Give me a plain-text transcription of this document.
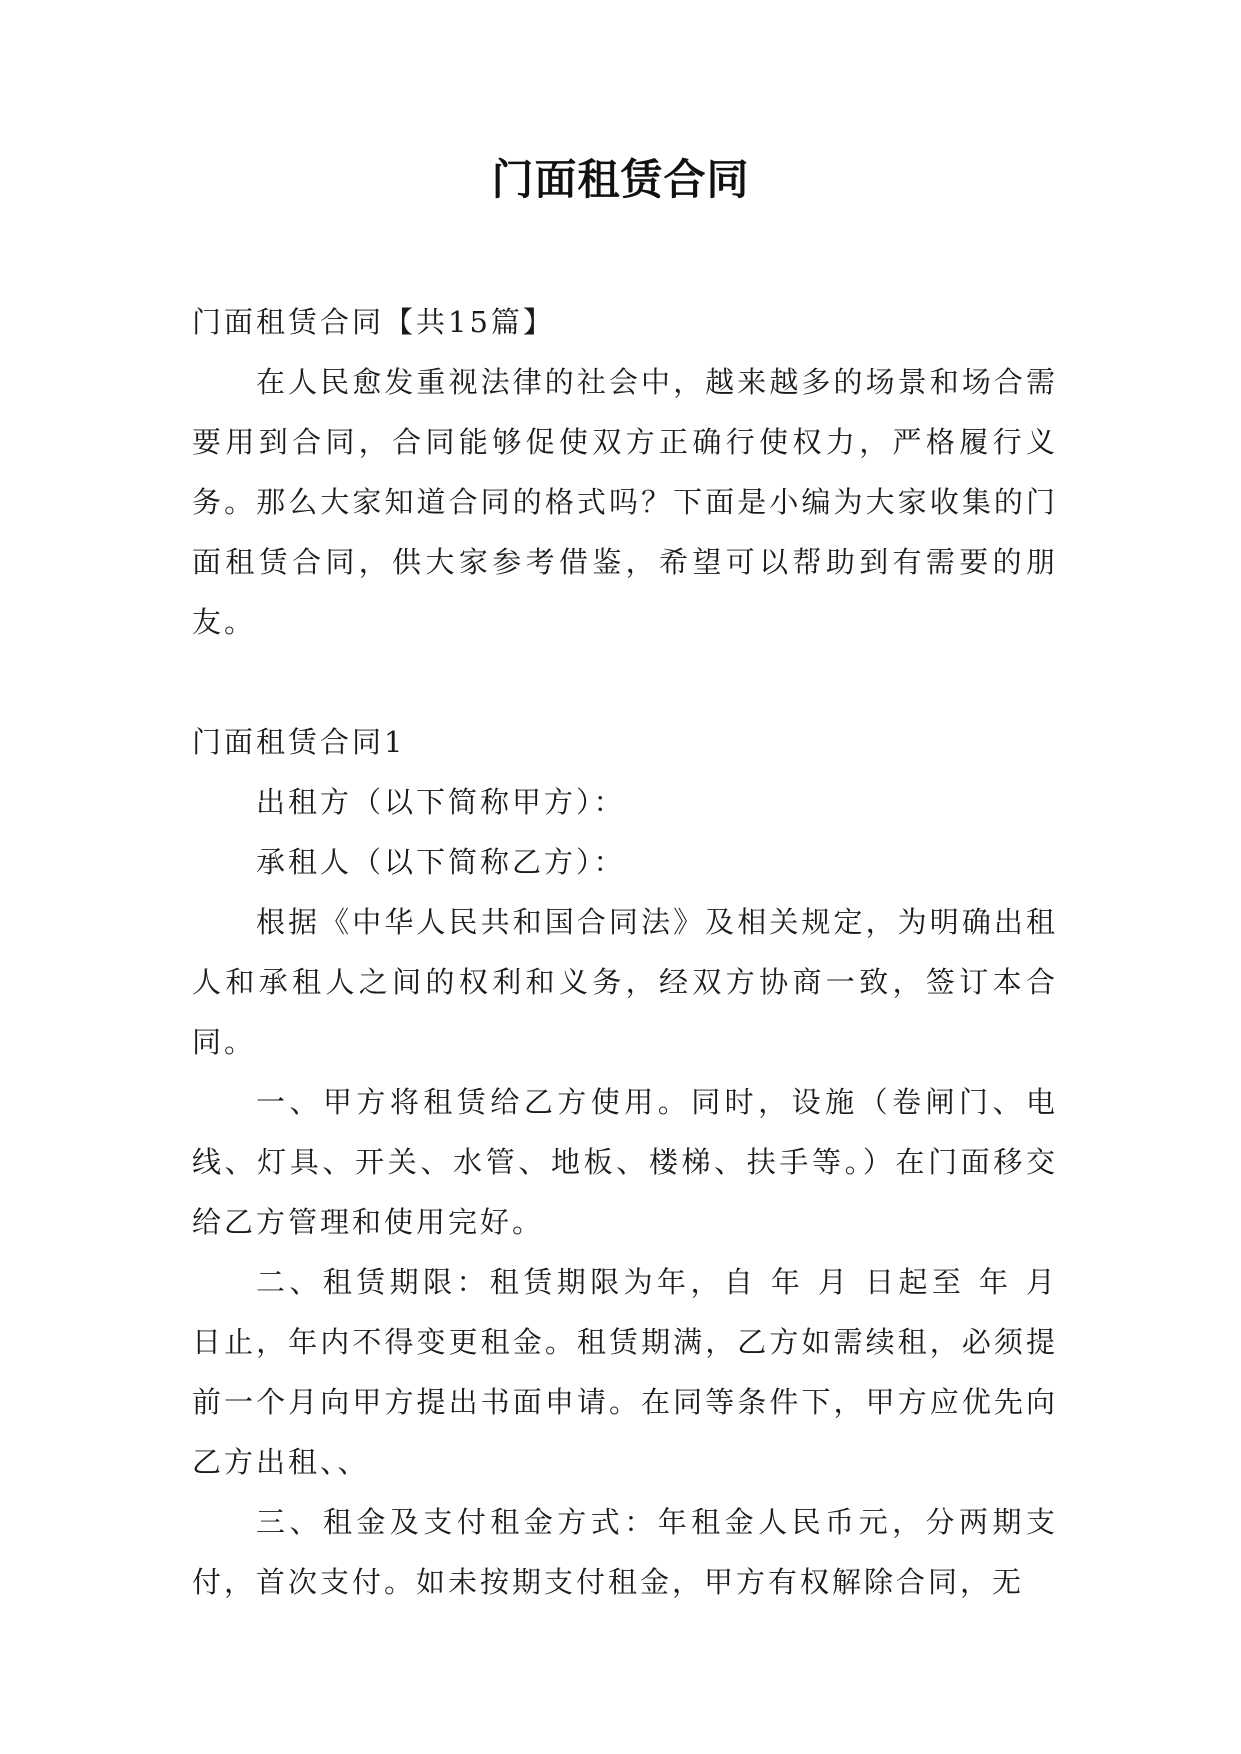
门面租赁合同

门面租赁合同【共15篇】

在人民愈发重视法律的社会中，越来越多的场景和场合需要用到合同，合同能够促使双方正确行使权力，严格履行义务。那么大家知道合同的格式吗？下面是小编为大家收集的门面租赁合同，供大家参考借鉴，希望可以帮助到有需要的朋友。

门面租赁合同1

出租方（以下简称甲方）：

承租人（以下简称乙方）：

根据《中华人民共和国合同法》及相关规定，为明确出租人和承租人之间的权利和义务，经双方协商一致，签订本合同。

一、甲方将租赁给乙方使用。同时，设施（卷闸门、电线、灯具、开关、水管、地板、楼梯、扶手等。）在门面移交给乙方管理和使用完好。

二、租赁期限：租赁期限为年，自 年 月 日起至 年 月 日止，年内不得变更租金。租赁期满，乙方如需续租，必须提前一个月向甲方提出书面申请。在同等条件下，甲方应优先向乙方出租、、

三、租金及支付租金方式：年租金人民币元，分两期支付，首次支付。如未按期支付租金，甲方有权解除合同，无
